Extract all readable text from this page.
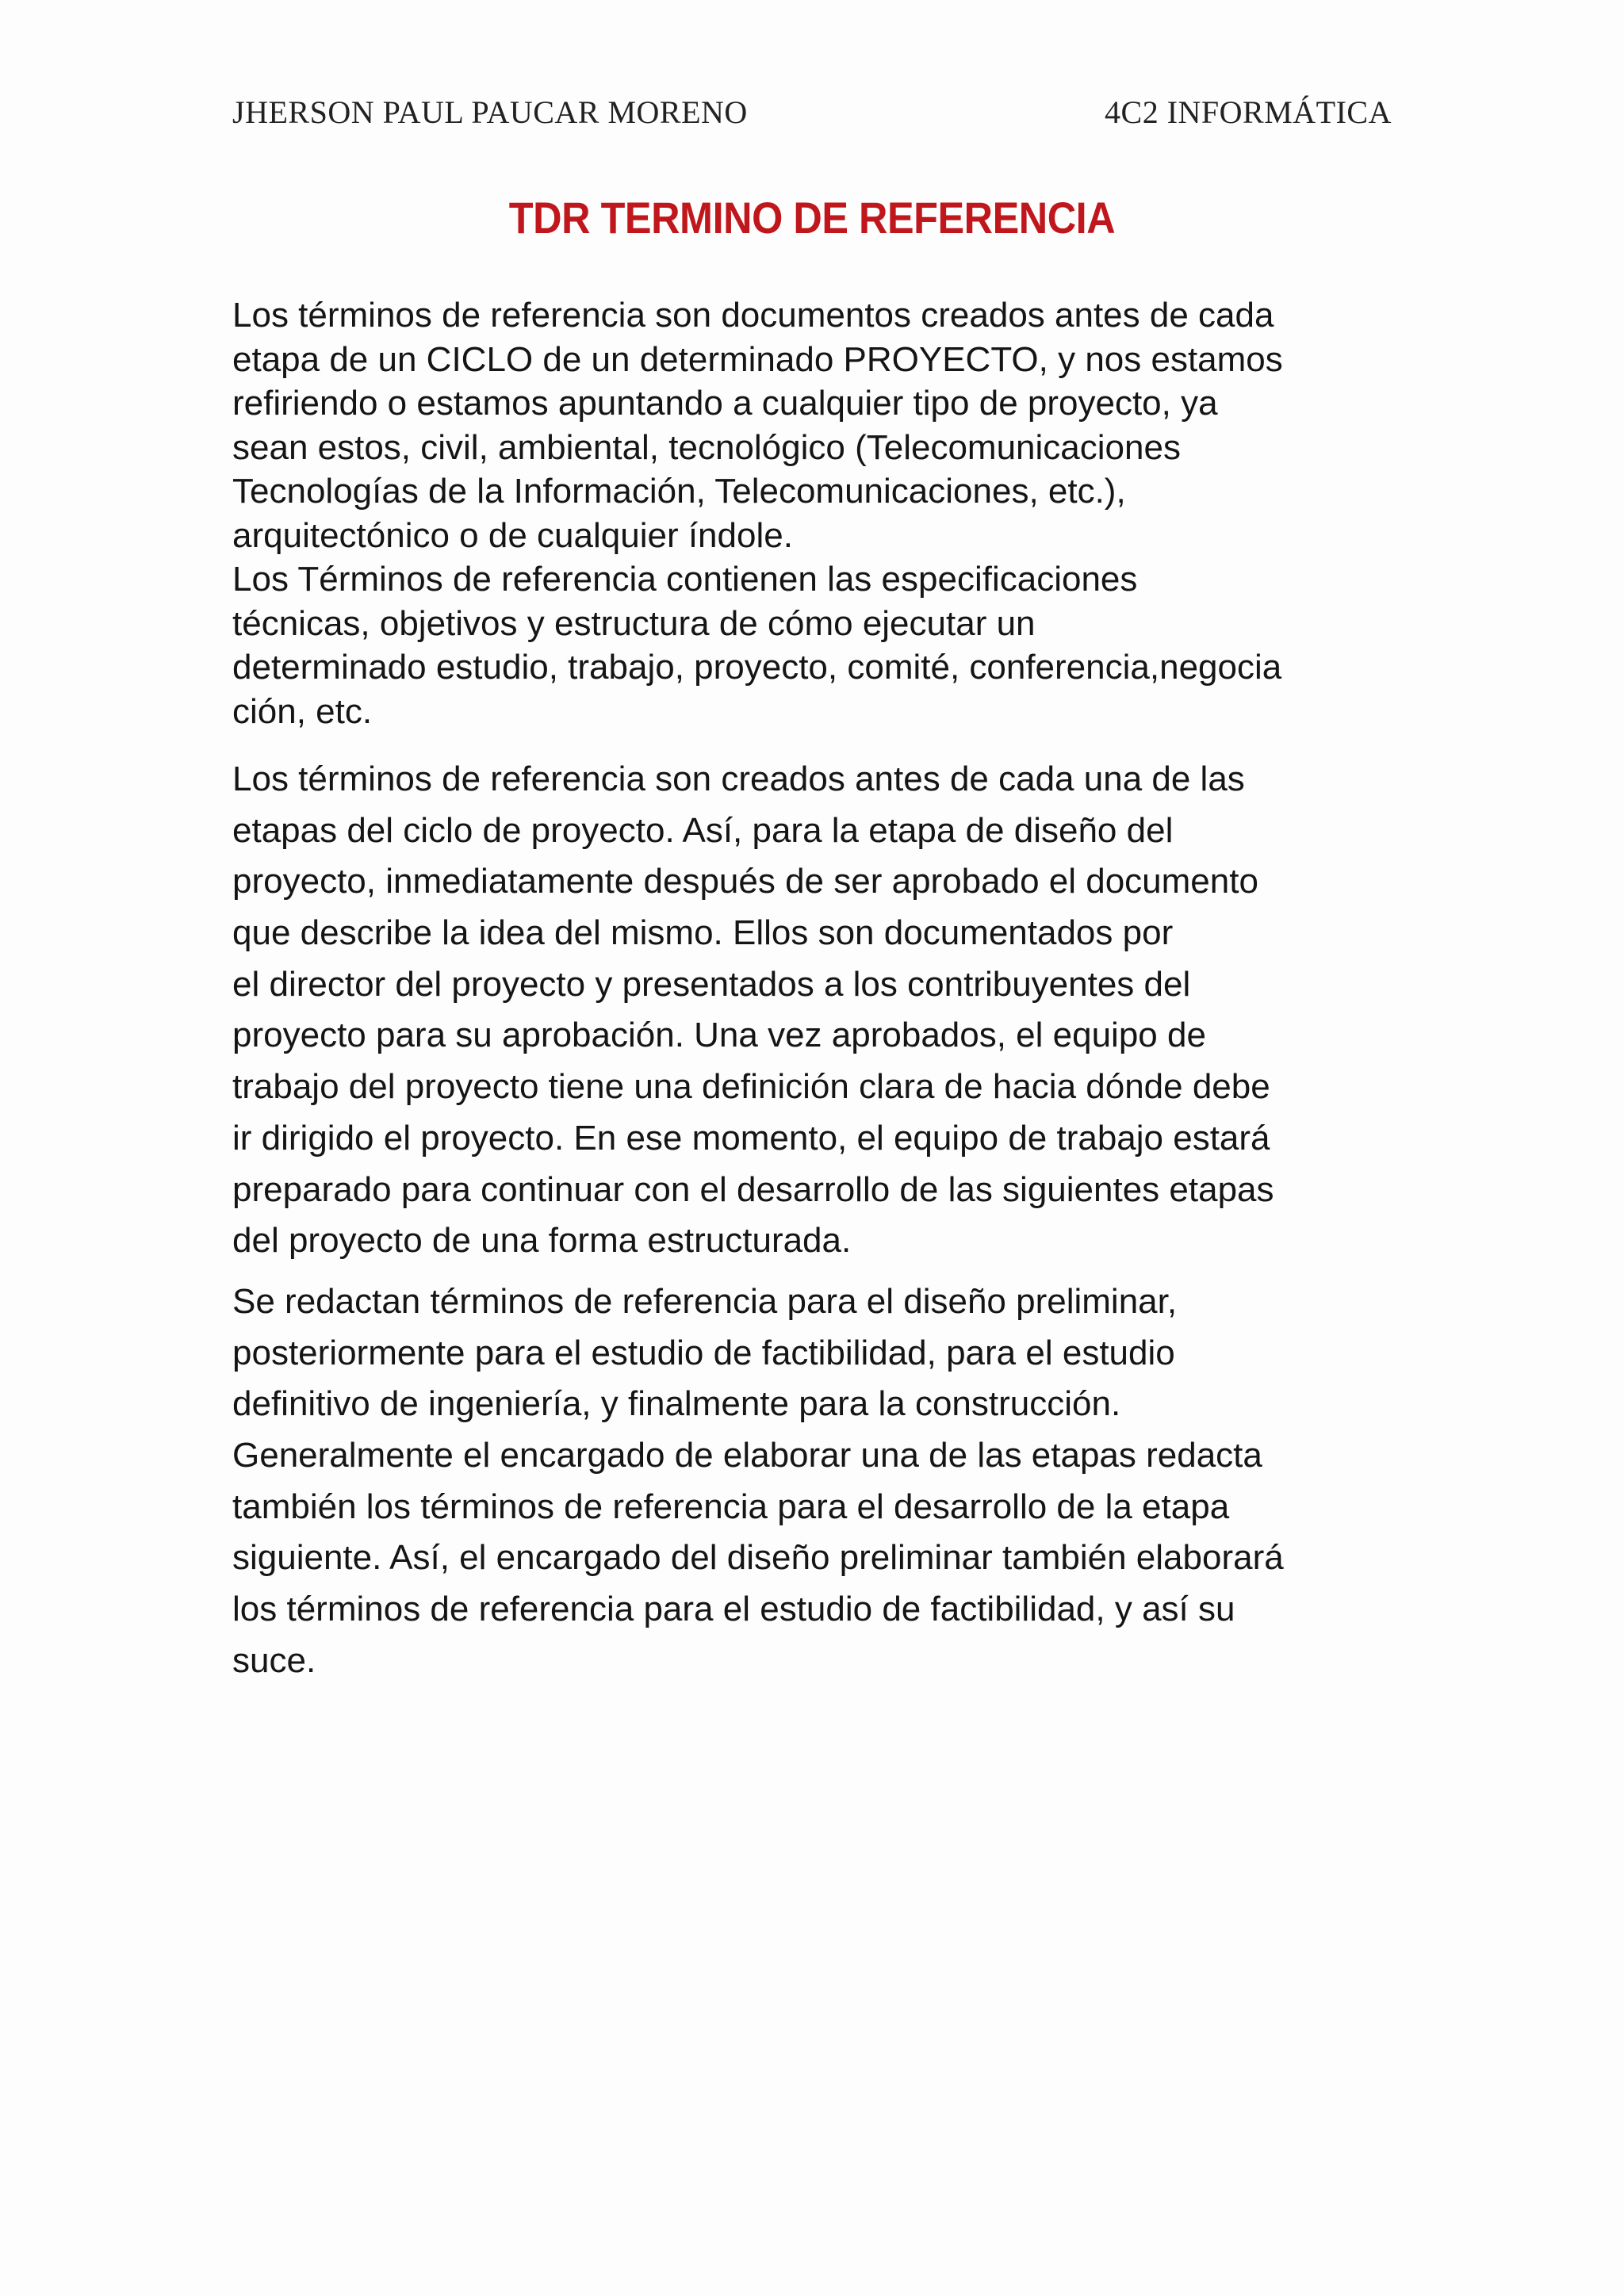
JHERSON PAUL PAUCAR MORENO	4C2 INFORMÁTICA
TDR TERMINO DE REFERENCIA
Los términos de referencia son documentos creados antes de cada
etapa de un CICLO de un determinado PROYECTO, y nos estamos
refiriendo o estamos apuntando a cualquier tipo de proyecto, ya
sean estos, civil, ambiental, tecnológico (Telecomunicaciones
Tecnologías de la Información, Telecomunicaciones, etc.),
arquitectónico o de cualquier índole.
Los Términos de referencia contienen las especificaciones
técnicas, objetivos y estructura de cómo ejecutar un
determinado estudio, trabajo, proyecto, comité, conferencia,negocia
ción, etc.
Los términos de referencia son creados antes de cada una de las
etapas del ciclo de proyecto. Así, para la etapa de diseño del
proyecto, inmediatamente después de ser aprobado el documento
que describe la idea del mismo. Ellos son documentados por
el director del proyecto y presentados a los contribuyentes del
proyecto para su aprobación. Una vez aprobados, el equipo de
trabajo del proyecto tiene una definición clara de hacia dónde debe
ir dirigido el proyecto. En ese momento, el equipo de trabajo estará
preparado para continuar con el desarrollo de las siguientes etapas
del proyecto de una forma estructurada.
Se redactan términos de referencia para el diseño preliminar,
posteriormente para el estudio de factibilidad, para el estudio
definitivo de ingeniería, y finalmente para la construcción.
Generalmente el encargado de elaborar una de las etapas redacta
también los términos de referencia para el desarrollo de la etapa
siguiente. Así, el encargado del diseño preliminar también elaborará
los términos de referencia para el estudio de factibilidad, y así su
suce.
